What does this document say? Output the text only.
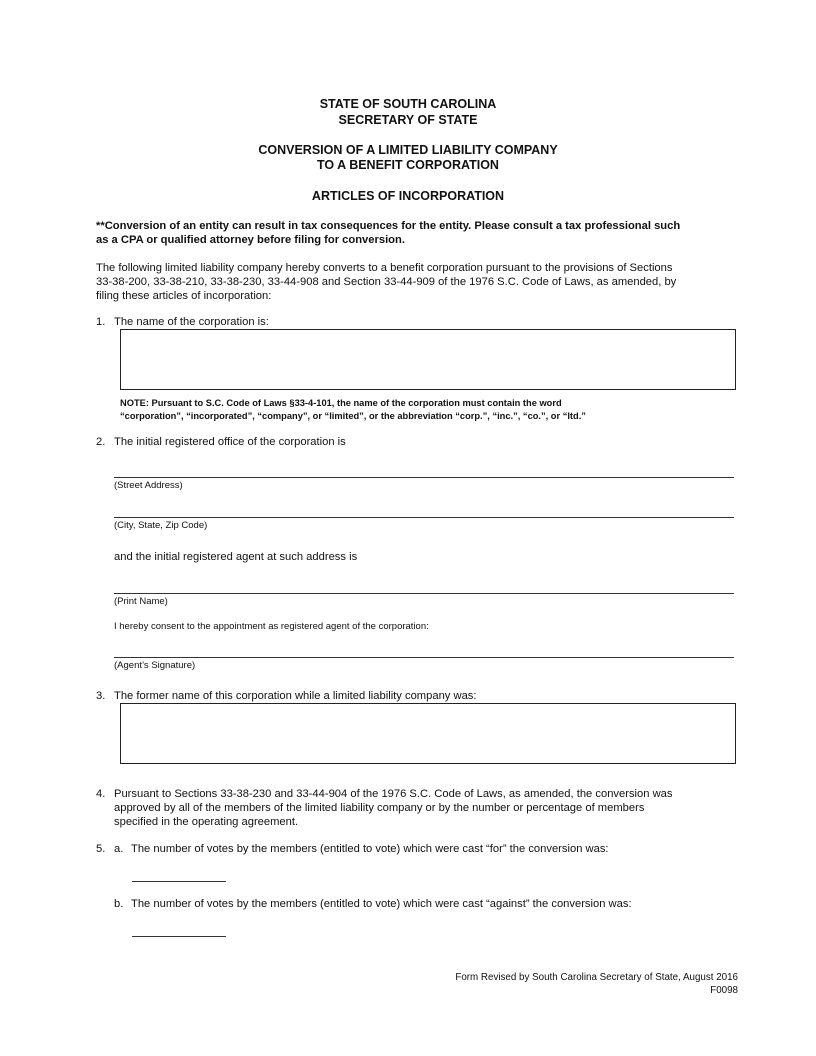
STATE OF SOUTH CAROLINA
SECRETARY OF STATE
CONVERSION OF A LIMITED LIABILITY COMPANY
TO A BENEFIT CORPORATION
ARTICLES OF INCORPORATION
**Conversion of an entity can result in tax consequences for the entity. Please consult a tax professional such
as a CPA or qualified attorney before filing for conversion.
The following limited liability company hereby converts to a benefit corporation pursuant to the provisions of Sections
33-38-200, 33-38-210, 33-38-230, 33-44-908 and Section 33-44-909 of the 1976 S.C. Code of Laws, as amended, by
filing these articles of incorporation:
1. The name of the corporation is:
NOTE: Pursuant to S.C. Code of Laws §33-4-101, the name of the corporation must contain the word
“corporation”, “incorporated”, “company”, or “limited”, or the abbreviation “corp.”, “inc.”, “co.”, or “ltd.”
2. The initial registered office of the corporation is
(Street Address)
(City, State, Zip Code)
and the initial registered agent at such address is
(Print Name)
I hereby consent to the appointment as registered agent of the corporation:
(Agent’s Signature)
3. The former name of this corporation while a limited liability company was:
4. Pursuant to Sections 33-38-230 and 33-44-904 of the 1976 S.C. Code of Laws, as amended, the conversion was
approved by all of the members of the limited liability company or by the number or percentage of members
specified in the operating agreement.
5. a. The number of votes by the members (entitled to vote) which were cast “for” the conversion was:
b. The number of votes by the members (entitled to vote) which were cast “against” the conversion was:
Form Revised by South Carolina Secretary of State, August 2016
F0098
